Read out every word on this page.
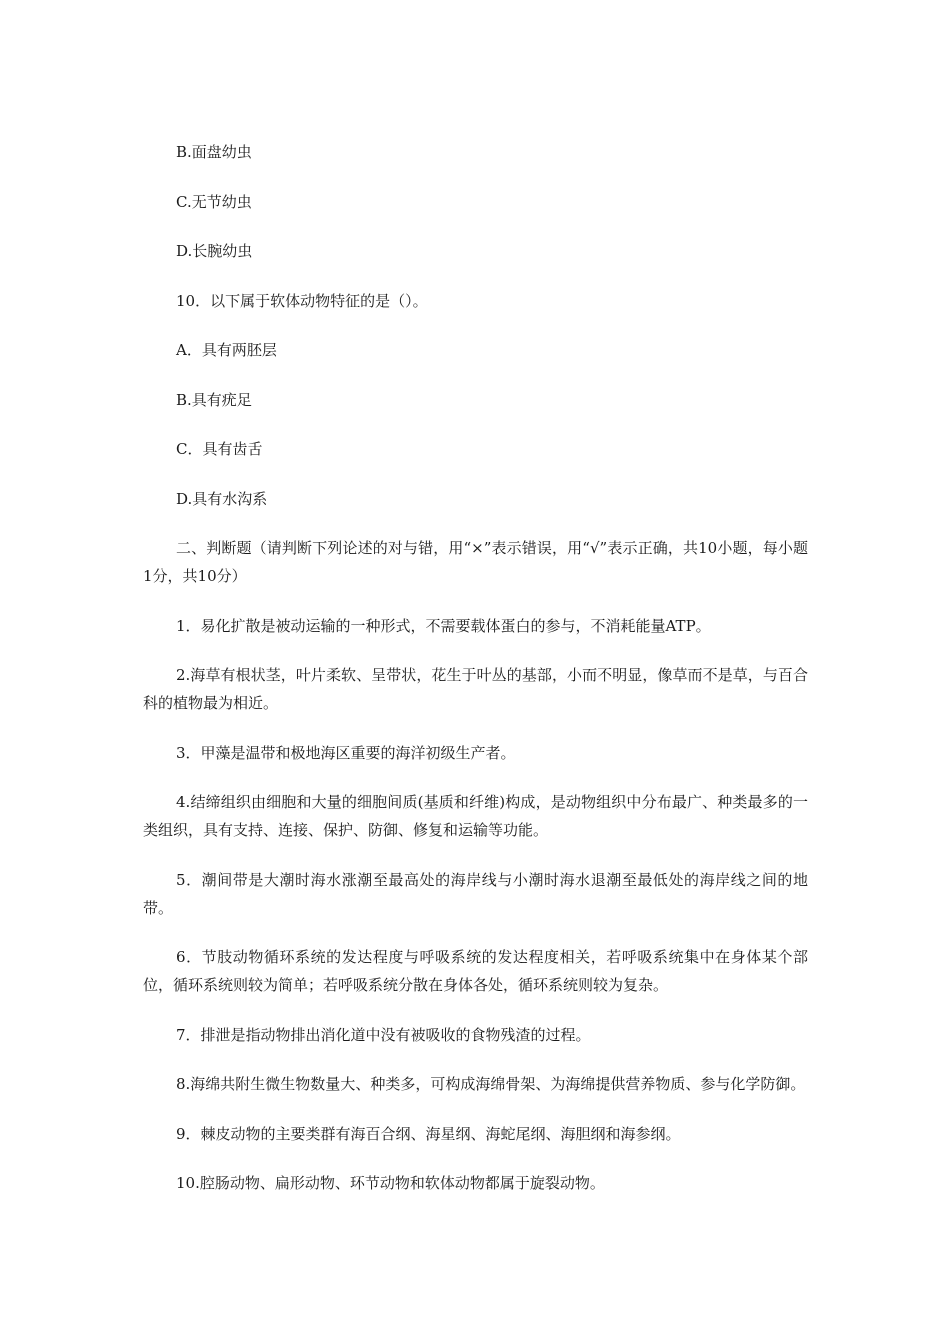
B.面盘幼虫
C.无节幼虫
D.长腕幼虫
10．以下属于软体动物特征的是（）。
A．具有两胚层
B.具有疣足
C．具有齿舌
D.具有水沟系
二、判断题（请判断下列论述的对与错，用“×”表示错误，用“√”表示正确，共10小题，每小题1分，共10分）
1．易化扩散是被动运输的一种形式，不需要载体蛋白的参与，不消耗能量ATP。
2.海草有根状茎，叶片柔软、呈带状，花生于叶丛的基部，小而不明显，像草而不是草，与百合科的植物最为相近。
3．甲藻是温带和极地海区重要的海洋初级生产者。
4.结缔组织由细胞和大量的细胞间质(基质和纤维)构成，是动物组织中分布最广、种类最多的一类组织，具有支持、连接、保护、防御、修复和运输等功能。
5．潮间带是大潮时海水涨潮至最高处的海岸线与小潮时海水退潮至最低处的海岸线之间的地带。
6．节肢动物循环系统的发达程度与呼吸系统的发达程度相关，若呼吸系统集中在身体某个部位，循环系统则较为简单；若呼吸系统分散在身体各处，循环系统则较为复杂。
7．排泄是指动物排出消化道中没有被吸收的食物残渣的过程。
8.海绵共附生微生物数量大、种类多，可构成海绵骨架、为海绵提供营养物质、参与化学防御。
9．棘皮动物的主要类群有海百合纲、海星纲、海蛇尾纲、海胆纲和海参纲。
10.腔肠动物、扁形动物、环节动物和软体动物都属于旋裂动物。
